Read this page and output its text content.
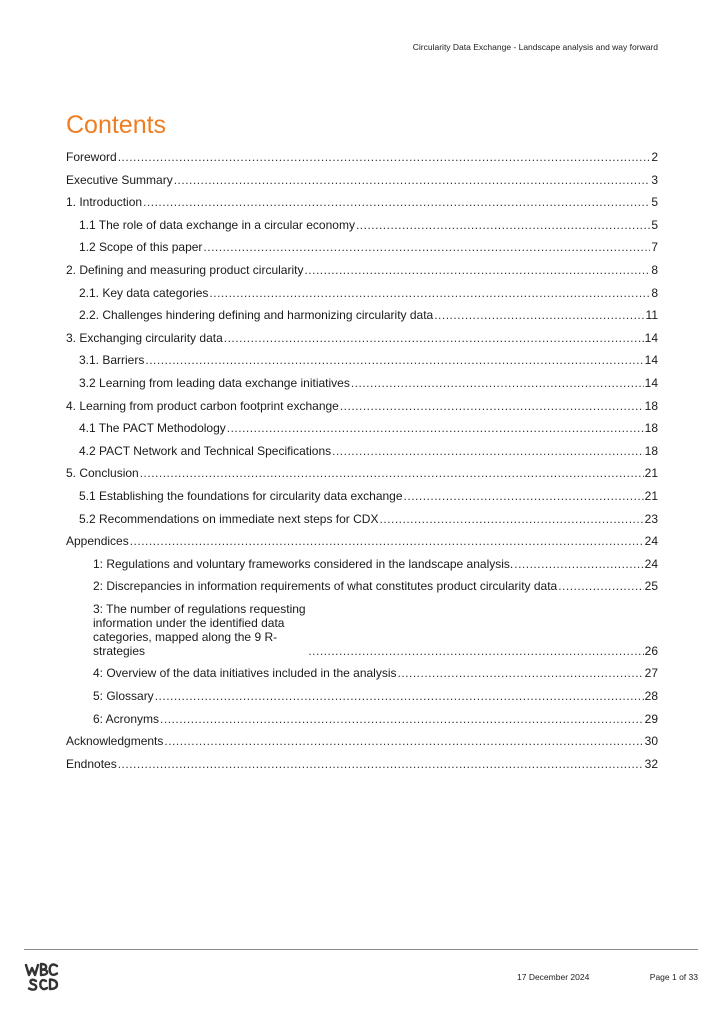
Circularity Data Exchange - Landscape analysis and way forward
Contents
Foreword .....	2
Executive Summary .....	3
1. Introduction .....	5
1.1 The role of data exchange in a circular economy .....	5
1.2 Scope of this paper .....	7
2. Defining and measuring product circularity .....	8
2.1. Key data categories .....	8
2.2. Challenges hindering defining and harmonizing circularity data .....	11
3. Exchanging circularity data .....	14
3.1. Barriers .....	14
3.2 Learning from leading data exchange initiatives .....	14
4. Learning from product carbon footprint exchange .....	18
4.1 The PACT Methodology .....	18
4.2 PACT Network and Technical Specifications .....	18
5. Conclusion .....	21
5.1 Establishing the foundations for circularity data exchange .....	21
5.2 Recommendations on immediate next steps for CDX .....	23
Appendices .....	24
1: Regulations and voluntary frameworks considered in the landscape analysis. .....	24
2: Discrepancies in information requirements of what constitutes product circularity data .....	25
3: The number of regulations requesting information under the identified data categories, mapped along the 9 R-strategies .....	26
4: Overview of the data initiatives included in the analysis .....	27
5: Glossary .....	28
6: Acronyms .....	29
Acknowledgments .....	30
Endnotes .....	32
17 December 2024	Page 1 of 33
